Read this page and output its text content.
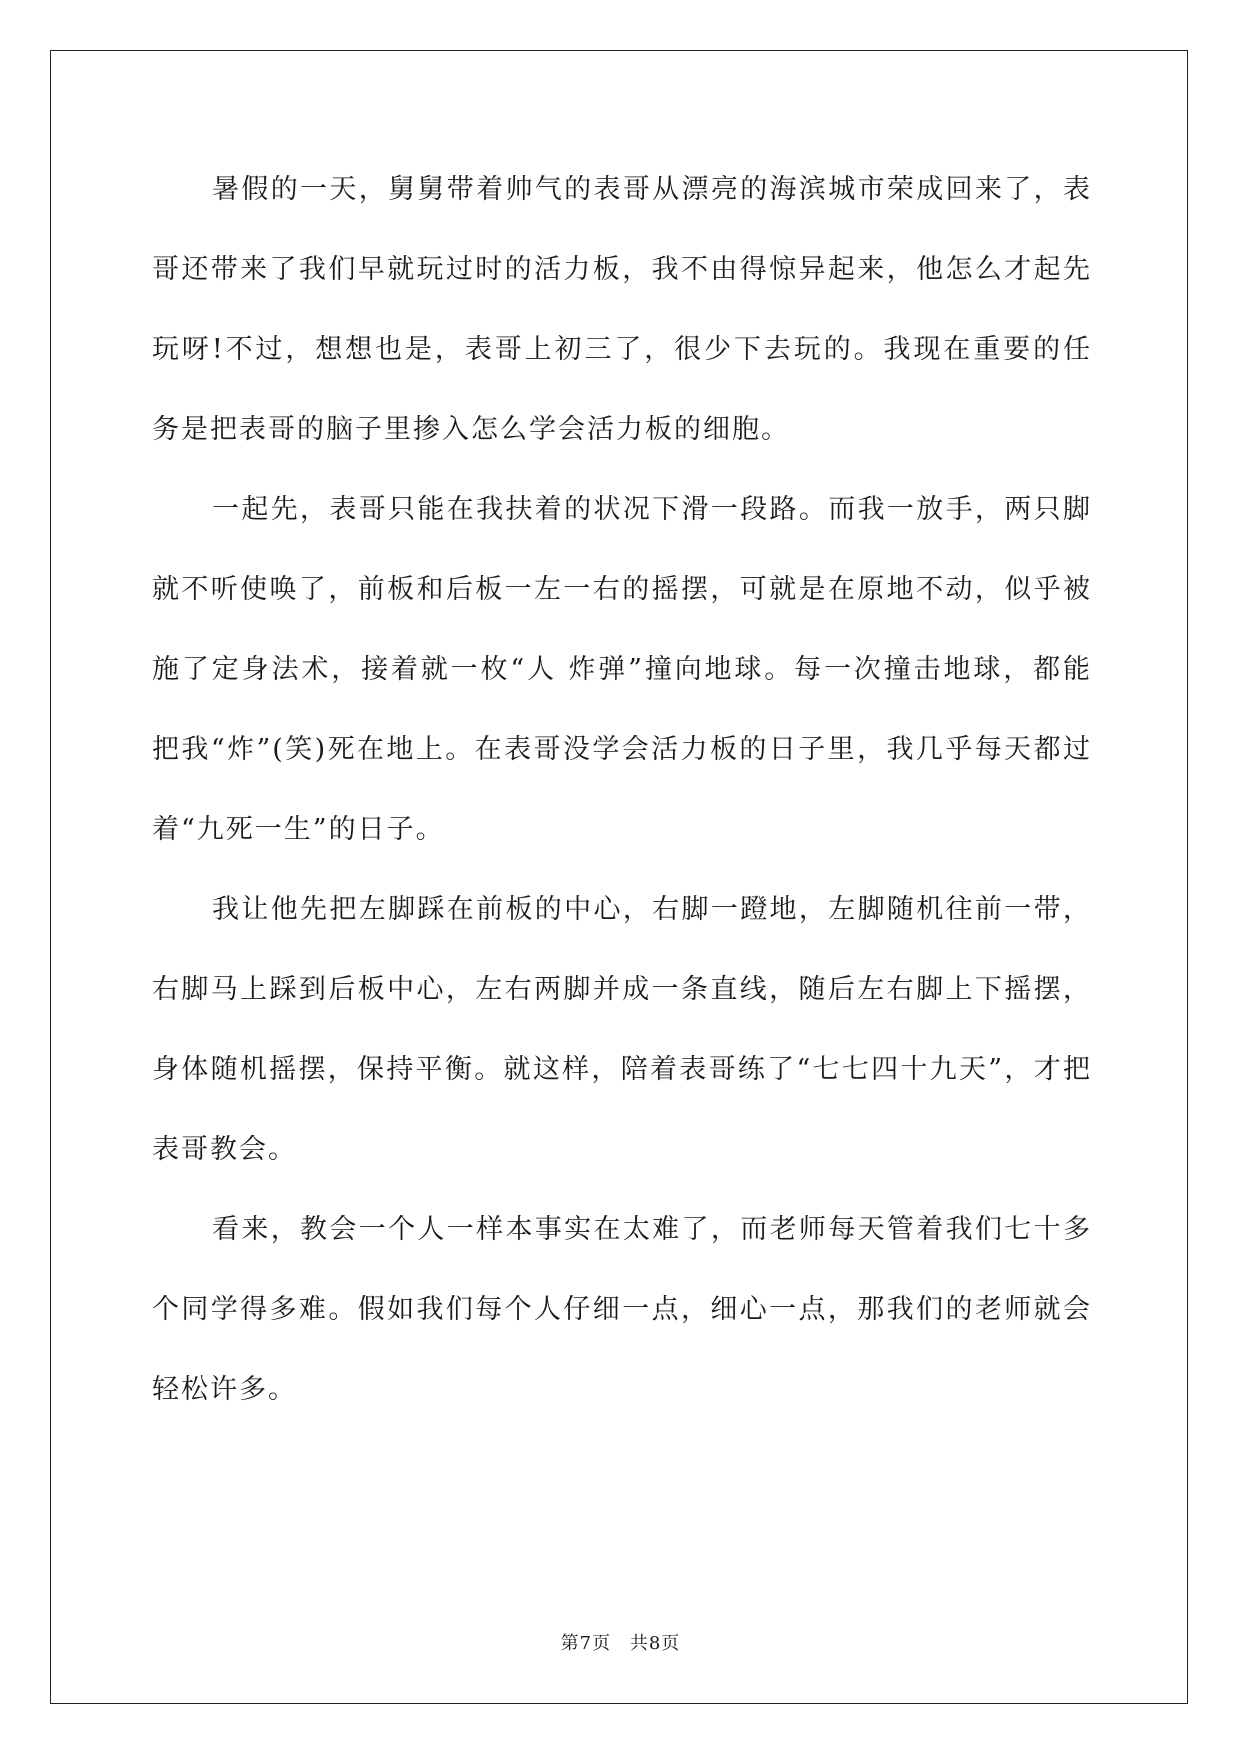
暑假的一天，舅舅带着帅气的表哥从漂亮的海滨城市荣成回来了，表哥还带来了我们早就玩过时的活力板，我不由得惊异起来，他怎么才起先玩呀!不过，想想也是，表哥上初三了，很少下去玩的。我现在重要的任务是把表哥的脑子里掺入怎么学会活力板的细胞。

一起先，表哥只能在我扶着的状况下滑一段路。而我一放手，两只脚就不听使唤了，前板和后板一左一右的摇摆，可就是在原地不动，似乎被施了定身法术，接着就一枚“人 炸弹”撞向地球。每一次撞击地球，都能把我“炸”(笑)死在地上。在表哥没学会活力板的日子里，我几乎每天都过着“九死一生”的日子。

我让他先把左脚踩在前板的中心，右脚一蹬地，左脚随机往前一带，右脚马上踩到后板中心，左右两脚并成一条直线，随后左右脚上下摇摆，身体随机摇摆，保持平衡。就这样，陪着表哥练了“七七四十九天”，才把表哥教会。

看来，教会一个人一样本事实在太难了，而老师每天管着我们七十多个同学得多难。假如我们每个人仔细一点，细心一点，那我们的老师就会轻松许多。

第7页 共8页
